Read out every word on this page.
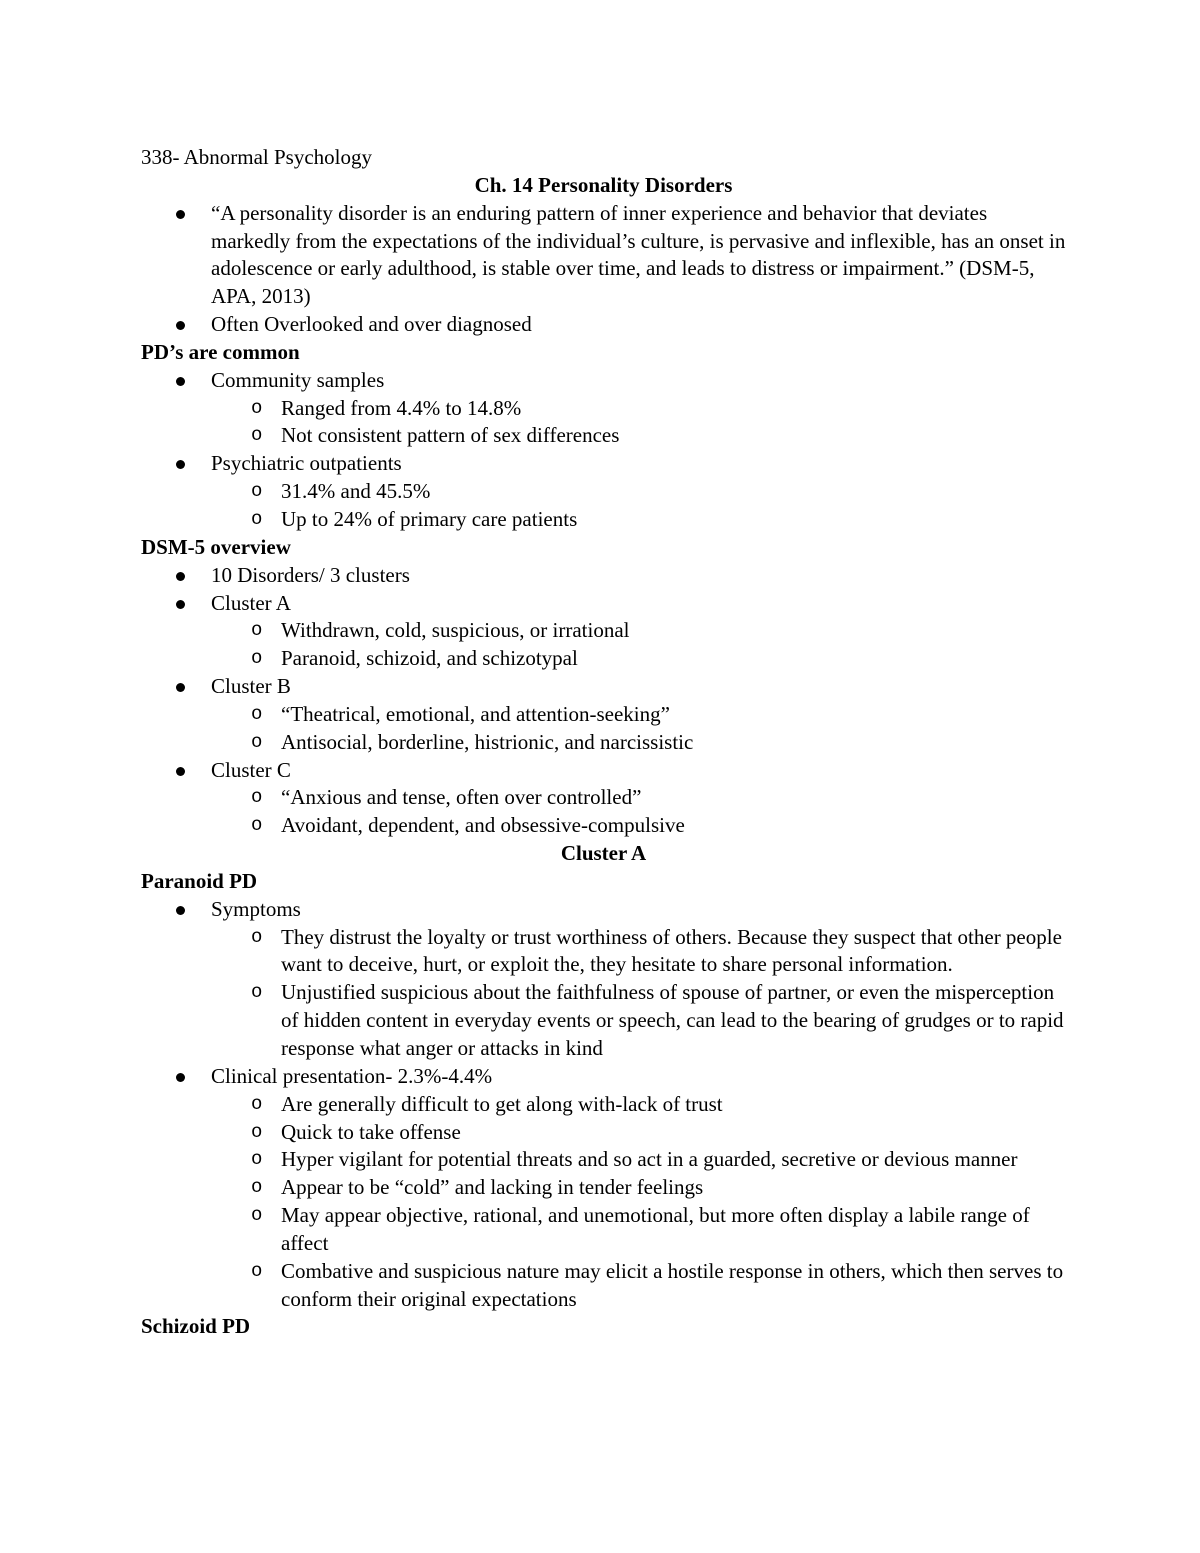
338- Abnormal Psychology

Ch. 14 Personality Disorders

“A personality disorder is an enduring pattern of inner experience and behavior that deviates markedly from the expectations of the individual’s culture, is pervasive and inflexible, has an onset in adolescence or early adulthood, is stable over time, and leads to distress or impairment.” (DSM-5, APA, 2013)
Often Overlooked and over diagnosed

PD’s are common

Community samples
o Ranged from 4.4% to 14.8%
o Not consistent pattern of sex differences
Psychiatric outpatients
o 31.4% and 45.5%
o Up to 24% of primary care patients

DSM-5 overview

10 Disorders/ 3 clusters
Cluster A
o Withdrawn, cold, suspicious, or irrational
o Paranoid, schizoid, and schizotypal
Cluster B
o “Theatrical, emotional, and attention-seeking”
o Antisocial, borderline, histrionic, and narcissistic
Cluster C
o “Anxious and tense, often over controlled”
o Avoidant, dependent, and obsessive-compulsive

Cluster A

Paranoid PD

Symptoms
o They distrust the loyalty or trust worthiness of others. Because they suspect that other people want to deceive, hurt, or exploit the, they hesitate to share personal information.
o Unjustified suspicious about the faithfulness of spouse of partner, or even the misperception of hidden content in everyday events or speech, can lead to the bearing of grudges or to rapid response what anger or attacks in kind
Clinical presentation- 2.3%-4.4%
o Are generally difficult to get along with-lack of trust
o Quick to take offense
o Hyper vigilant for potential threats and so act in a guarded, secretive or devious manner
o Appear to be “cold” and lacking in tender feelings
o May appear objective, rational, and unemotional, but more often display a labile range of affect
o Combative and suspicious nature may elicit a hostile response in others, which then serves to conform their original expectations

Schizoid PD
